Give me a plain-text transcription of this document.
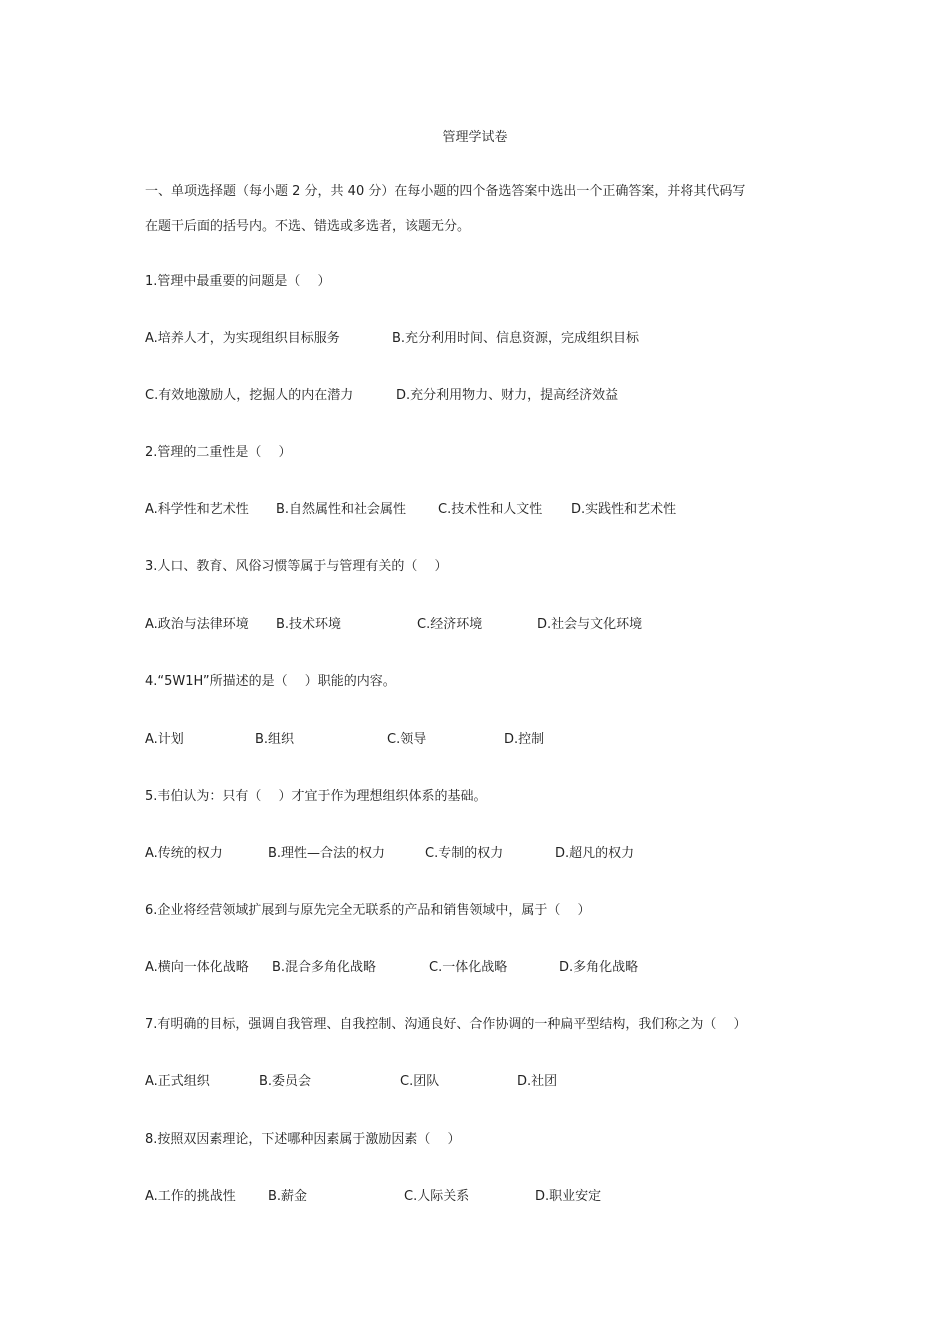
管理学试卷
一、单项选择题（每小题 2 分，共 40 分）在每小题的四个备选答案中选出一个正确答案，并将其代码写
在题干后面的括号内。不选、错选或多选者，该题无分。
1.管理中最重要的问题是（　 ）
A.培养人才，为实现组织目标服务	B.充分利用时间、信息资源，完成组织目标
C.有效地激励人，挖掘人的内在潜力	D.充分利用物力、财力，提高经济效益
2.管理的二重性是（　 ）
A.科学性和艺术性 B.自然属性和社会属性 C.技术性和人文性 D.实践性和艺术性
3.人口、教育、风俗习惯等属于与管理有关的（　 ）
A.政治与法律环境 B.技术环境	C.经济环境	D.社会与文化环境
4.“5W1H”所描述的是（　 ）职能的内容。
A.计划	B.组织	C.领导	D.控制
5.韦伯认为：只有（　 ）才宜于作为理想组织体系的基础。
A.传统的权力	B.理性—合法的权力	C.专制的权力	D.超凡的权力
6.企业将经营领域扩展到与原先完全无联系的产品和销售领域中，属于（　 ）
A.横向一体化战略 B.混合多角化战略	C.一体化战略	D.多角化战略
7.有明确的目标，强调自我管理、自我控制、沟通良好、合作协调的一种扁平型结构，我们称之为（　 ）
A.正式组织	B.委员会	C.团队	D.社团
8.按照双因素理论，下述哪种因素属于激励因素（　 ）
A.工作的挑战性 B.薪金	C.人际关系	D.职业安定
